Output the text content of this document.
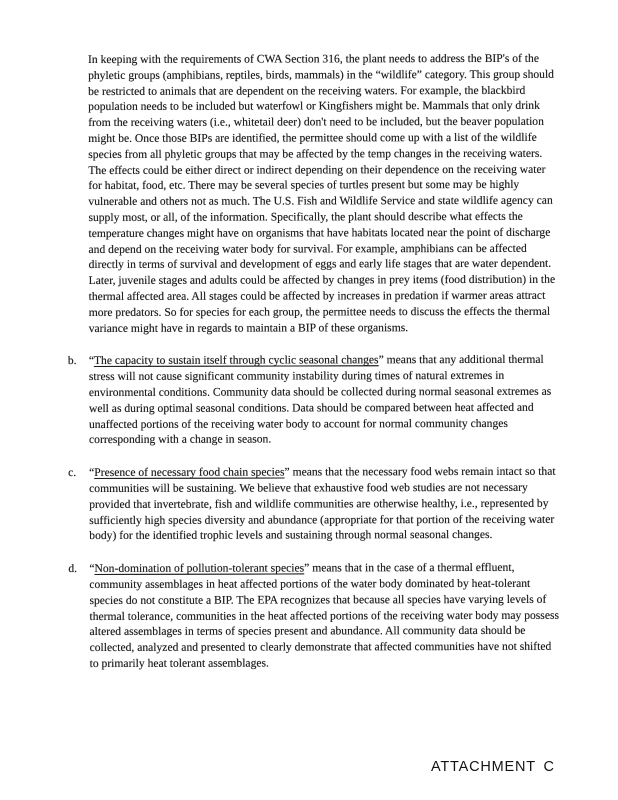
In keeping with the requirements of CWA Section 316, the plant needs to address the BIP's of the phyletic groups (amphibians, reptiles, birds, mammals) in the “wildlife” category. This group should be restricted to animals that are dependent on the receiving waters. For example, the blackbird population needs to be included but waterfowl or Kingfishers might be. Mammals that only drink from the receiving waters (i.e., whitetail deer) don't need to be included, but the beaver population might be. Once those BIPs are identified, the permittee should come up with a list of the wildlife species from all phyletic groups that may be affected by the temp changes in the receiving waters. The effects could be either direct or indirect depending on their dependence on the receiving water for habitat, food, etc. There may be several species of turtles present but some may be highly vulnerable and others not as much. The U.S. Fish and Wildlife Service and state wildlife agency can supply most, or all, of the information. Specifically, the plant should describe what effects the temperature changes might have on organisms that have habitats located near the point of discharge and depend on the receiving water body for survival. For example, amphibians can be affected directly in terms of survival and development of eggs and early life stages that are water dependent. Later, juvenile stages and adults could be affected by changes in prey items (food distribution) in the thermal affected area. All stages could be affected by increases in predation if warmer areas attract more predators. So for species for each group, the permittee needs to discuss the effects the thermal variance might have in regards to maintain a BIP of these organisms.

b. “The capacity to sustain itself through cyclic seasonal changes” means that any additional thermal stress will not cause significant community instability during times of natural extremes in environmental conditions. Community data should be collected during normal seasonal extremes as well as during optimal seasonal conditions. Data should be compared between heat affected and unaffected portions of the receiving water body to account for normal community changes corresponding with a change in season.

c. “Presence of necessary food chain species” means that the necessary food webs remain intact so that communities will be sustaining. We believe that exhaustive food web studies are not necessary provided that invertebrate, fish and wildlife communities are otherwise healthy, i.e., represented by sufficiently high species diversity and abundance (appropriate for that portion of the receiving water body) for the identified trophic levels and sustaining through normal seasonal changes.

d. “Non-domination of pollution-tolerant species” means that in the case of a thermal effluent, community assemblages in heat affected portions of the water body dominated by heat-tolerant species do not constitute a BIP. The EPA recognizes that because all species have varying levels of thermal tolerance, communities in the heat affected portions of the receiving water body may possess altered assemblages in terms of species present and abundance. All community data should be collected, analyzed and presented to clearly demonstrate that affected communities have not shifted to primarily heat tolerant assemblages.

ATTACHMENT C
